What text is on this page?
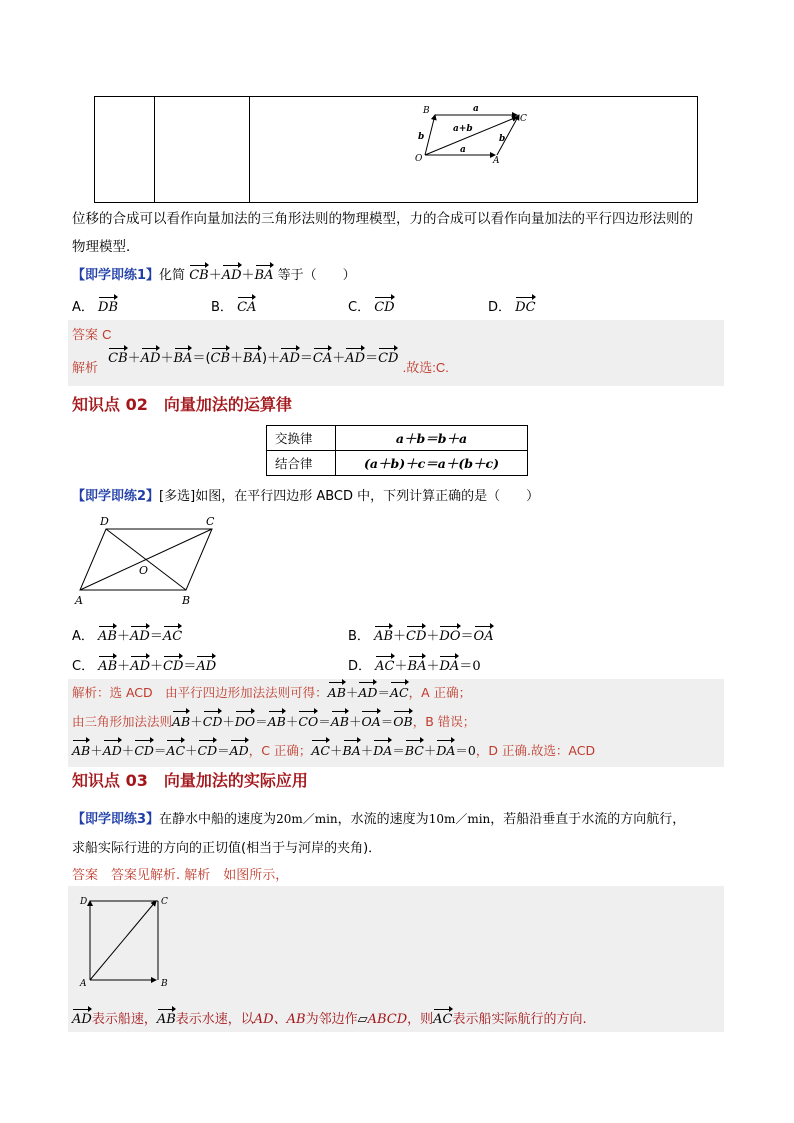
B
C
O	A
a
a
b	b
a+b
位移的合成可以看作向量加法的三角形法则的物理模型，力的合成可以看作向量加法的平行四边形法则的
物理模型．
【即学即练1】化简 CB＋AD＋BA 等于（　　）
A． DB	B． CA	C． CD	D． DC
答案 C
解析 CB＋AD＋BA＝(CB＋BA)＋AD＝CA＋AD＝CD .故选:C.
知识点 02　向量加法的运算律
交换律	a＋b＝b＋a
结合律	(a＋b)＋c＝a＋(b＋c)
【即学即练2】[多选]如图，在平行四边形 ABCD 中，下列计算正确的是（　　）
D	C
A	B
O
A． AB＋AD＝AC	B． AB＋CD＋DO＝OA
C． AB＋AD＋CD＝AD	D． AC＋BA＋DA＝0
解析：选 ACD　由平行四边形加法法则可得：AB＋AD＝AC，A 正确；
由三角形加法法则AB＋CD＋DO＝AB＋CO＝AB＋OA＝OB，B 错误；
AB＋AD＋CD＝AC＋CD＝AD，C 正确；AC＋BA＋DA＝BC＋DA＝0，D 正确.故选：ACD
知识点 03　向量加法的实际应用
【即学即练3】在静水中船的速度为20m／min，水流的速度为10m／min，若船沿垂直于水流的方向航行，
求船实际行进的方向的正切值(相当于与河岸的夹角)．
答案　答案见解析. 解析　如图所示，
D	C
A	B
AD表示船速，AB表示水速，以AD、AB为邻边作▱ABCD，则AC表示船实际航行的方向.
